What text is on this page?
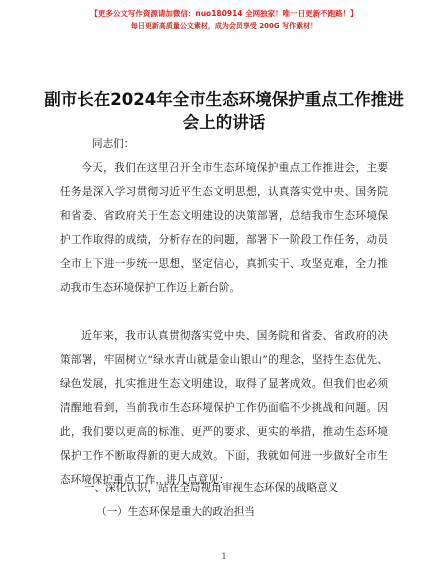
【更多公文写作资源请加微信：nuo180914 全网独家！唯一日更新不跑路！】
每日更新高质量公文素材，成为会员享受 200G 写作素材！
副市长在2024年全市生态环境保护重点工作推进会上的讲话
同志们：
今天，我们在这里召开全市生态环境保护重点工作推进会，主要任务是深入学习贯彻习近平生态文明思想，认真落实党中央、国务院和省委、省政府关于生态文明建设的决策部署，总结我市生态环境保护工作取得的成绩，分析存在的问题，部署下一阶段工作任务，动员全市上下进一步统一思想、坚定信心，真抓实干、攻坚克难，全力推动我市生态环境保护工作迈上新台阶。
近年来，我市认真贯彻落实党中央、国务院和省委、省政府的决策部署，牢固树立“绿水青山就是金山银山”的理念，坚持生态优先、绿色发展，扎实推进生态文明建设，取得了显著成效。但我们也必须清醒地看到，当前我市生态环境保护工作仍面临不少挑战和问题。因此，我们要以更高的标准、更严的要求、更实的举措，推动生态环境保护工作不断取得新的更大成效。下面，我就如何进一步做好全市生态环境保护重点工作，讲几点意见：
一、深化认识，站在全局视角审视生态环保的战略意义
（一）生态环保是重大的政治担当
1
